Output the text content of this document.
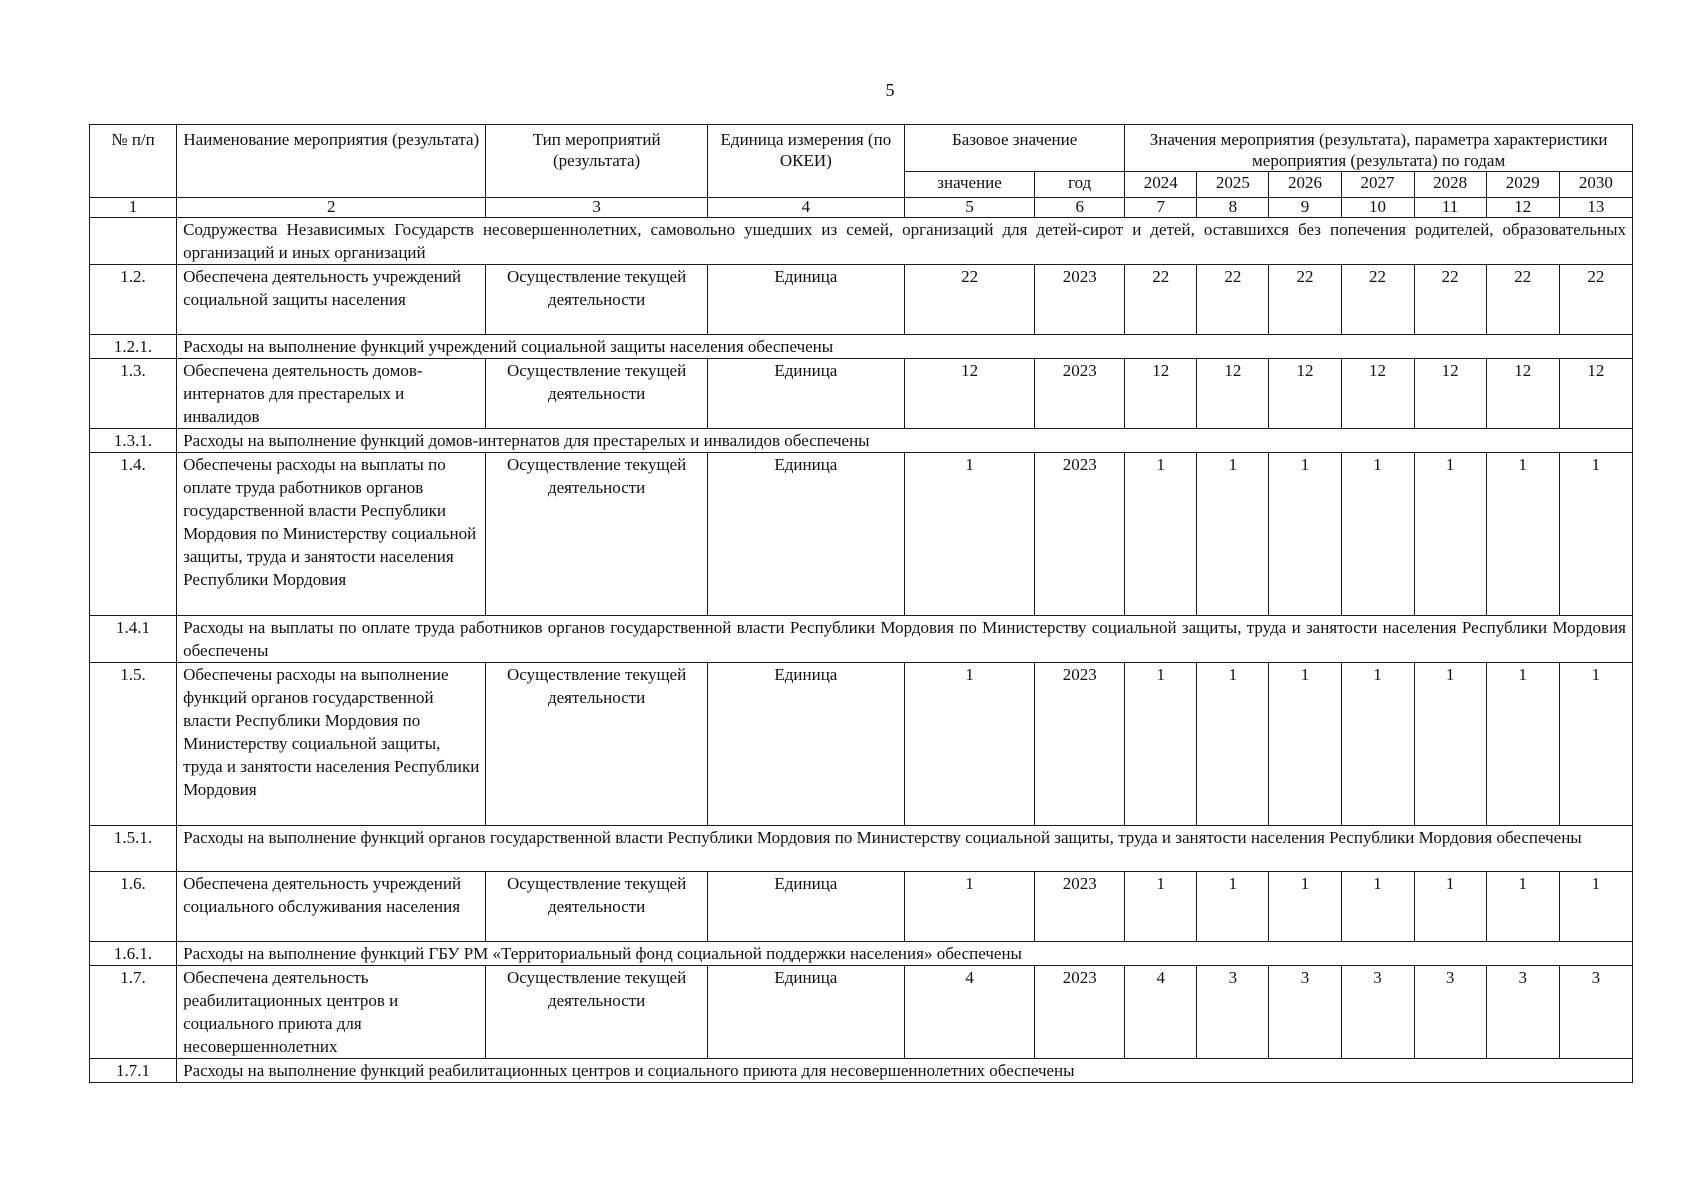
5
№ п/п	Наименование мероприятия (результата)	Тип мероприятий (результата)	Единица измерения (по ОКЕИ)	Базовое значение		Значения мероприятия (результата), параметра характеристики мероприятия (результата) по годам						
				значение	год	2024	2025	2026	2027	2028	2029	2030
1	2	3	4	5	6	7	8	9	10	11	12	13
	Содружества Независимых Государств несовершеннолетних, самовольно ушедших из семей, организаций для детей-сирот и детей, оставшихся без попечения родителей, образовательных организаций и иных организаций											
1.2.	Обеспечена деятельность учреждений социальной защиты населения	Осуществление текущей деятельности	Единица	22	2023	22	22	22	22	22	22	22
1.2.1.	Расходы на выполнение функций учреждений социальной защиты населения обеспечены											
1.3.	Обеспечена деятельность домов-интернатов для престарелых и инвалидов	Осуществление текущей деятельности	Единица	12	2023	12	12	12	12	12	12	12
1.3.1.	Расходы на выполнение функций домов-интернатов для престарелых и инвалидов обеспечены											
1.4.	Обеспечены расходы на выплаты по оплате труда работников органов государственной власти Республики Мордовия по Министерству социальной защиты, труда и занятости населения Республики Мордовия	Осуществление текущей деятельности	Единица	1	2023	1	1	1	1	1	1	1
1.4.1	Расходы на выплаты по оплате труда работников органов государственной власти Республики Мордовия по Министерству социальной защиты, труда и занятости населения Республики Мордовия обеспечены											
1.5.	Обеспечены расходы на выполнение функций органов государственной власти Республики Мордовия по Министерству социальной защиты, труда и занятости населения Республики Мордовия	Осуществление текущей деятельности	Единица	1	2023	1	1	1	1	1	1	1
1.5.1.	Расходы на выполнение функций органов государственной власти Республики Мордовия по Министерству социальной защиты, труда и занятости населения Республики Мордовия обеспечены											
1.6.	Обеспечена деятельность учреждений социального обслуживания населения	Осуществление текущей деятельности	Единица	1	2023	1	1	1	1	1	1	1
1.6.1.	Расходы на выполнение функций ГБУ РМ «Территориальный фонд социальной поддержки населения» обеспечены											
1.7.	Обеспечена деятельность реабилитационных центров и социального приюта для несовершеннолетних	Осуществление текущей деятельности	Единица	4	2023	4	3	3	3	3	3	3
1.7.1	Расходы на выполнение функций реабилитационных центров и социального приюта для несовершеннолетних обеспечены											
